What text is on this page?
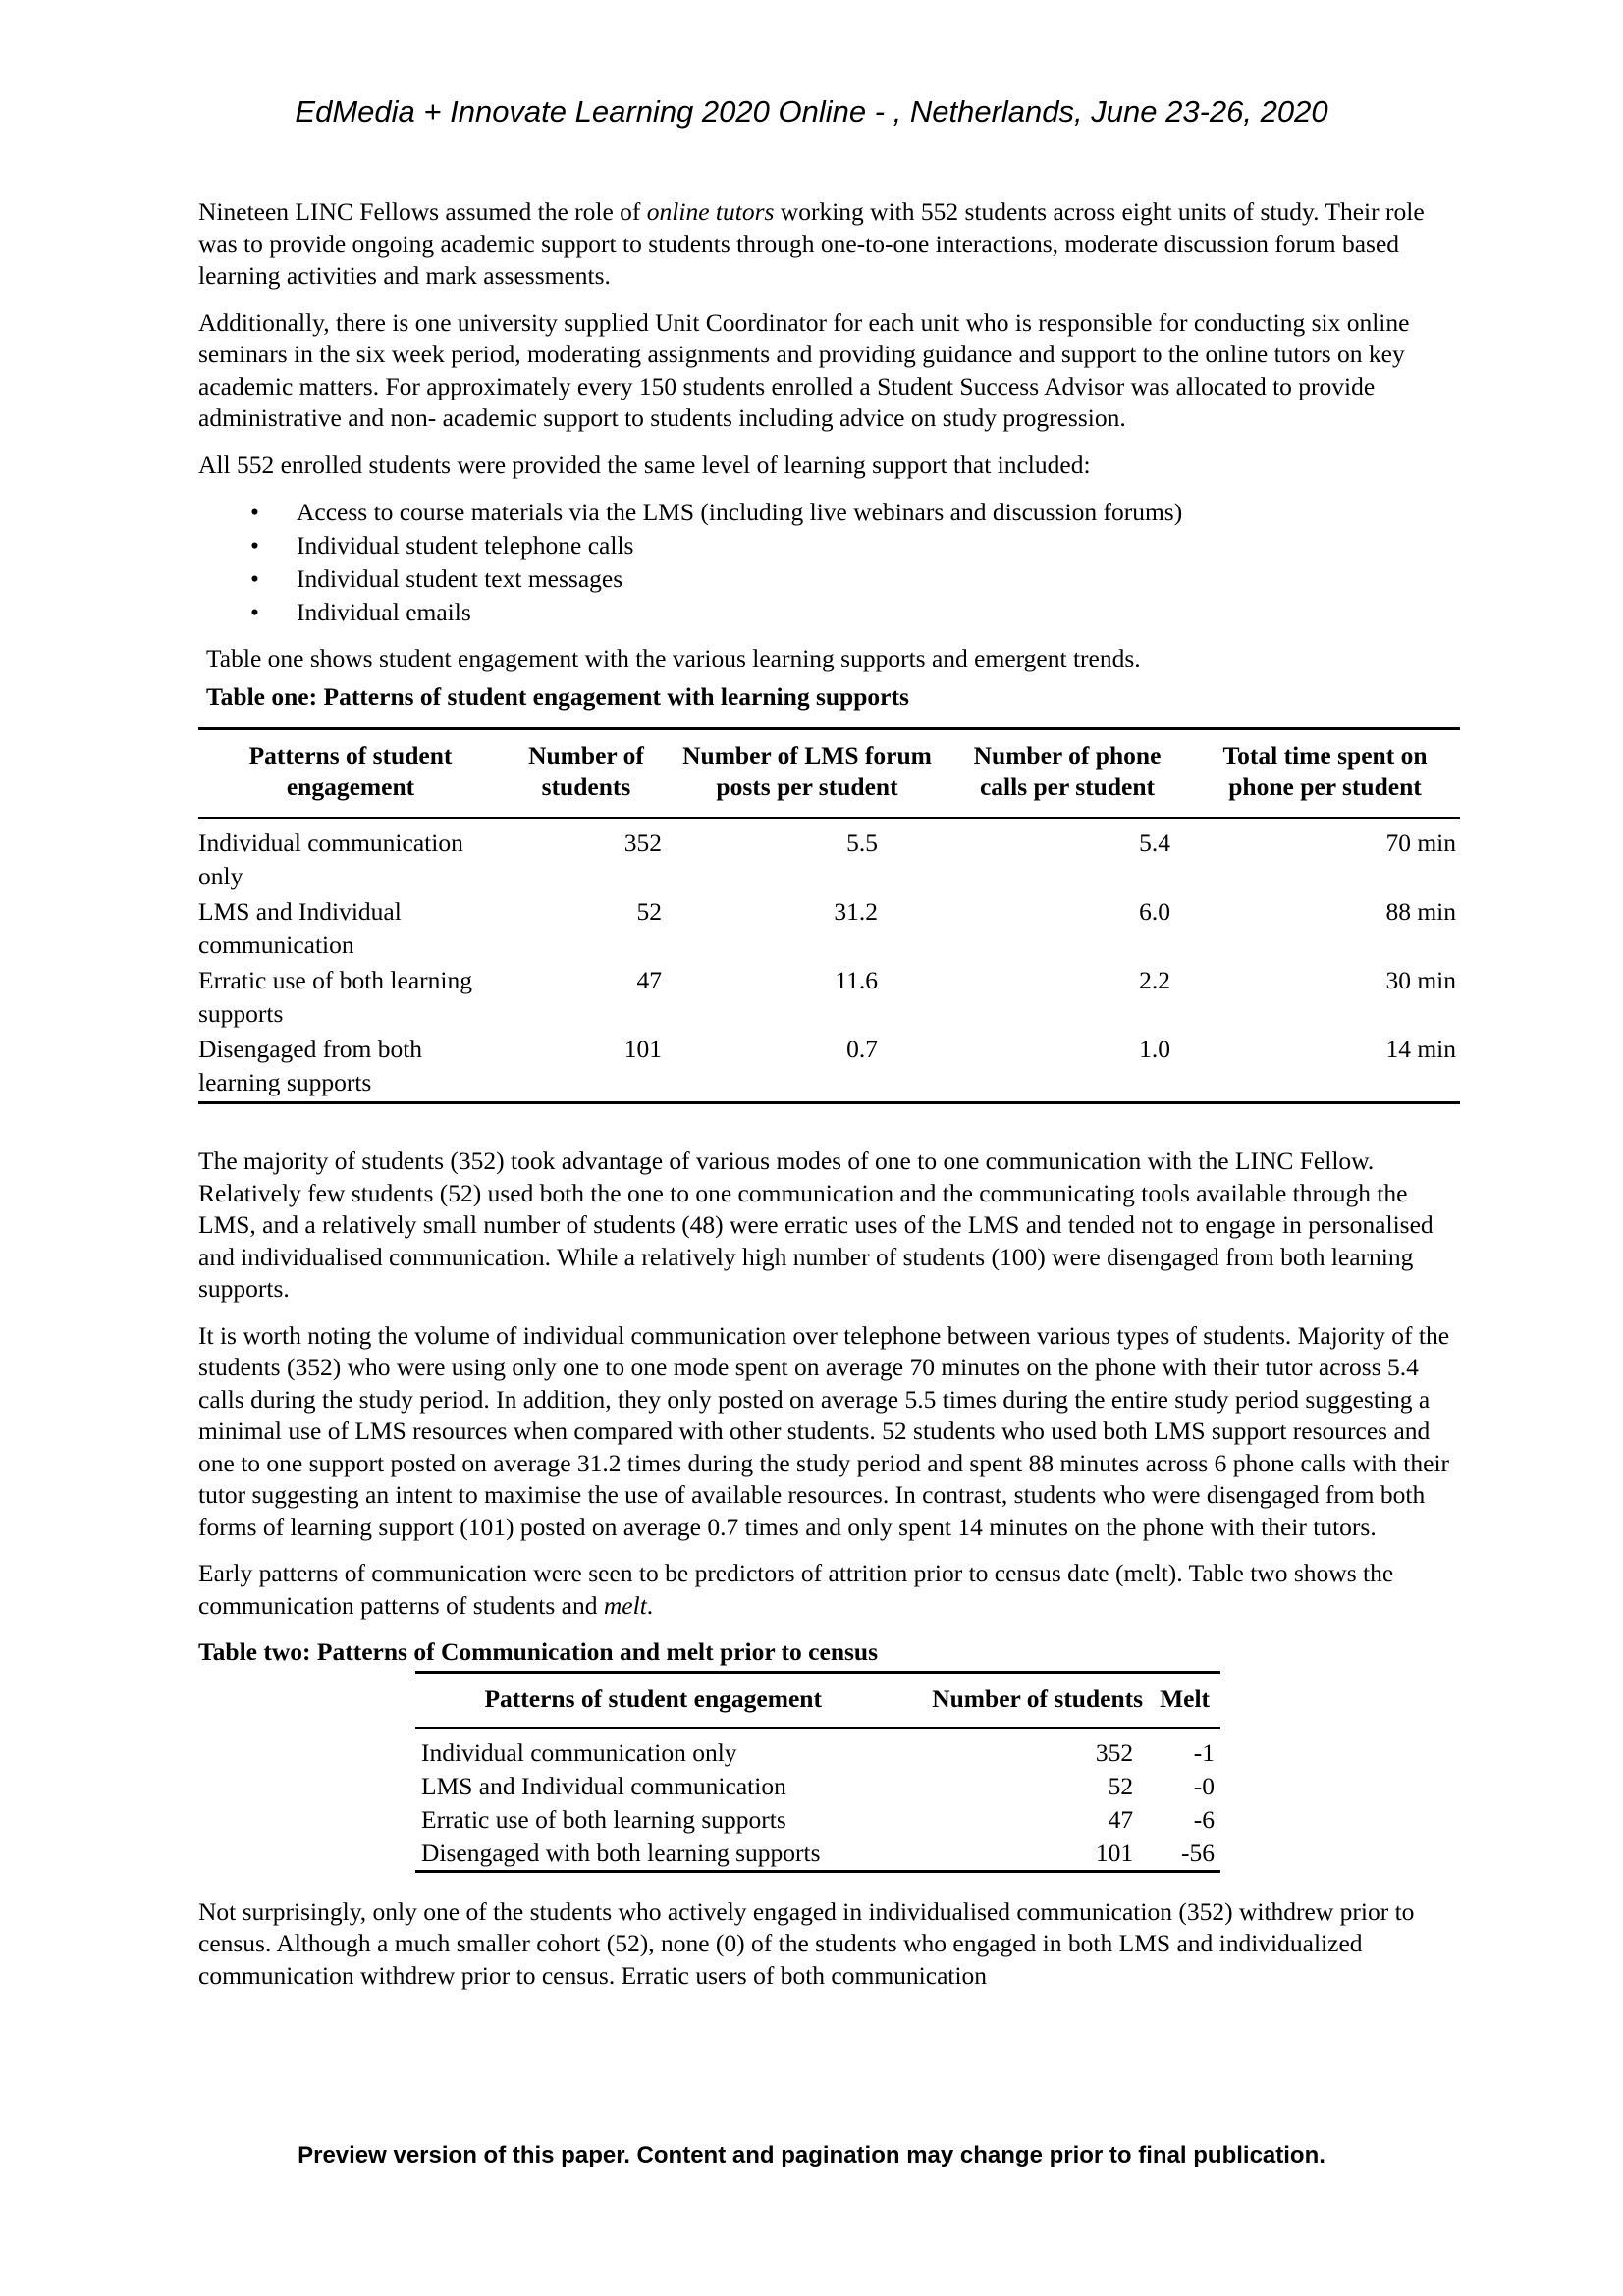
EdMedia + Innovate Learning 2020 Online - , Netherlands, June 23-26, 2020

Nineteen LINC Fellows assumed the role of online tutors working with 552 students across eight units of study. Their role was to provide ongoing academic support to students through one-to-one interactions, moderate discussion forum based learning activities and mark assessments.

Additionally, there is one university supplied Unit Coordinator for each unit who is responsible for conducting six online seminars in the six week period, moderating assignments and providing guidance and support to the online tutors on key academic matters. For approximately every 150 students enrolled a Student Success Advisor was allocated to provide administrative and non- academic support to students including advice on study progression.

All 552 enrolled students were provided the same level of learning support that included:

• Access to course materials via the LMS (including live webinars and discussion forums)
• Individual student telephone calls
• Individual student text messages
• Individual emails

Table one shows student engagement with the various learning supports and emergent trends.

Table one: Patterns of student engagement with learning supports

Patterns of student engagement	Number of students	Number of LMS forum posts per student	Number of phone calls per student	Total time spent on phone per student
Individual communication only	352	5.5	5.4	70 min
LMS and Individual communication	52	31.2	6.0	88 min
Erratic use of both learning supports	47	11.6	2.2	30 min
Disengaged from both learning supports	101	0.7	1.0	14 min

The majority of students (352) took advantage of various modes of one to one communication with the LINC Fellow. Relatively few students (52) used both the one to one communication and the communicating tools available through the LMS, and a relatively small number of students (48) were erratic uses of the LMS and tended not to engage in personalised and individualised communication. While a relatively high number of students (100) were disengaged from both learning supports.

It is worth noting the volume of individual communication over telephone between various types of students. Majority of the students (352) who were using only one to one mode spent on average 70 minutes on the phone with their tutor across 5.4 calls during the study period. In addition, they only posted on average 5.5 times during the entire study period suggesting a minimal use of LMS resources when compared with other students. 52 students who used both LMS support resources and one to one support posted on average 31.2 times during the study period and spent 88 minutes across 6 phone calls with their tutor suggesting an intent to maximise the use of available resources. In contrast, students who were disengaged from both forms of learning support (101) posted on average 0.7 times and only spent 14 minutes on the phone with their tutors.

Early patterns of communication were seen to be predictors of attrition prior to census date (melt). Table two shows the communication patterns of students and melt.

Table two: Patterns of Communication and melt prior to census

Patterns of student engagement	Number of students	Melt
Individual communication only	352	-1
LMS and Individual communication	52	-0
Erratic use of both learning supports	47	-6
Disengaged with both learning supports	101	-56

Not surprisingly, only one of the students who actively engaged in individualised communication (352) withdrew prior to census. Although a much smaller cohort (52), none (0) of the students who engaged in both LMS and individualized communication withdrew prior to census. Erratic users of both communication

Preview version of this paper. Content and pagination may change prior to final publication.
